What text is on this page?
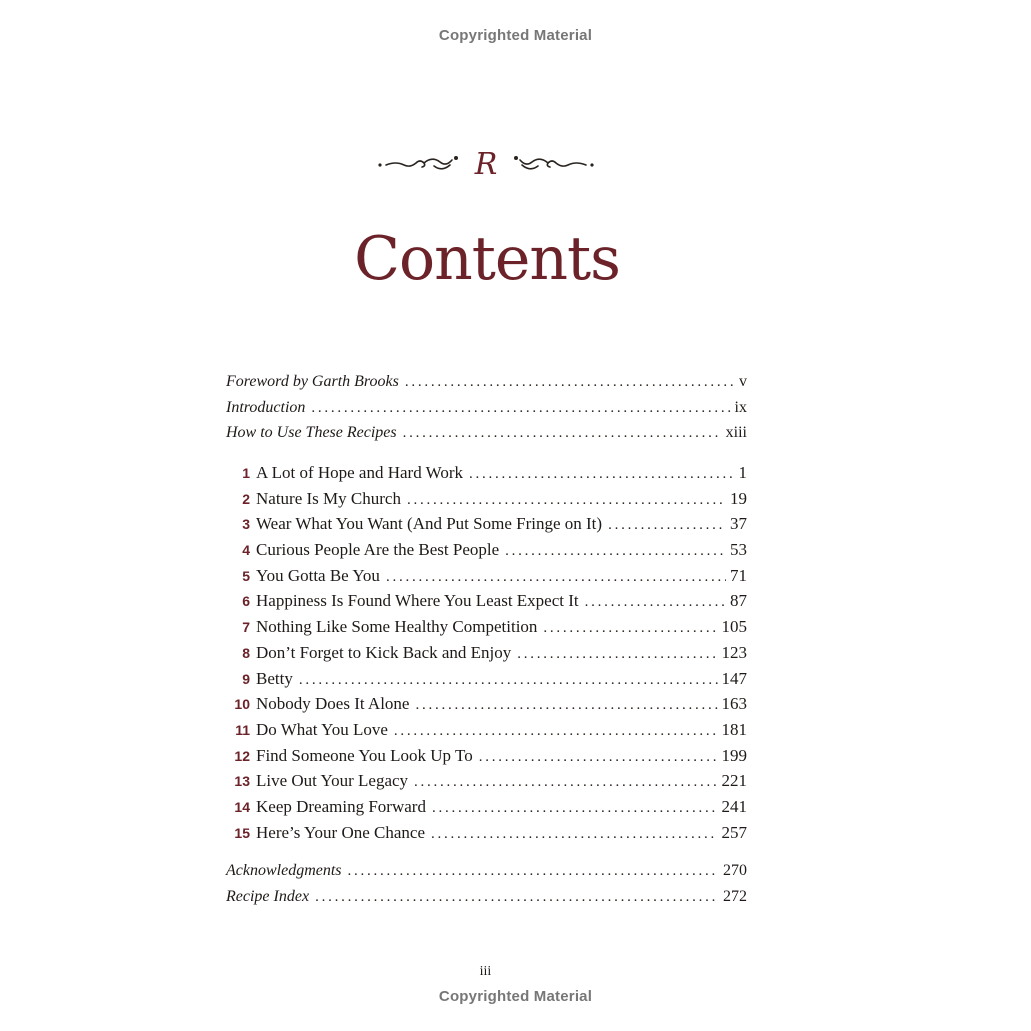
Copyrighted Material
R
Contents
Foreword by Garth Brooks . . .	v
Introduction . . .	ix
How to Use These Recipes . . .	xiii
1 A Lot of Hope and Hard Work . . .	1
2 Nature Is My Church . . .	19
3 Wear What You Want (And Put Some Fringe on It) . . .	37
4 Curious People Are the Best People . . .	53
5 You Gotta Be You . . .	71
6 Happiness Is Found Where You Least Expect It . . .	87
7 Nothing Like Some Healthy Competition . . .	105
8 Don’t Forget to Kick Back and Enjoy . . .	123
9 Betty . . .	147
10 Nobody Does It Alone . . .	163
11 Do What You Love . . .	181
12 Find Someone You Look Up To . . .	199
13 Live Out Your Legacy . . .	221
14 Keep Dreaming Forward . . .	241
15 Here’s Your One Chance . . .	257
Acknowledgments . . .	270
Recipe Index . . .	272
iii
Copyrighted Material
